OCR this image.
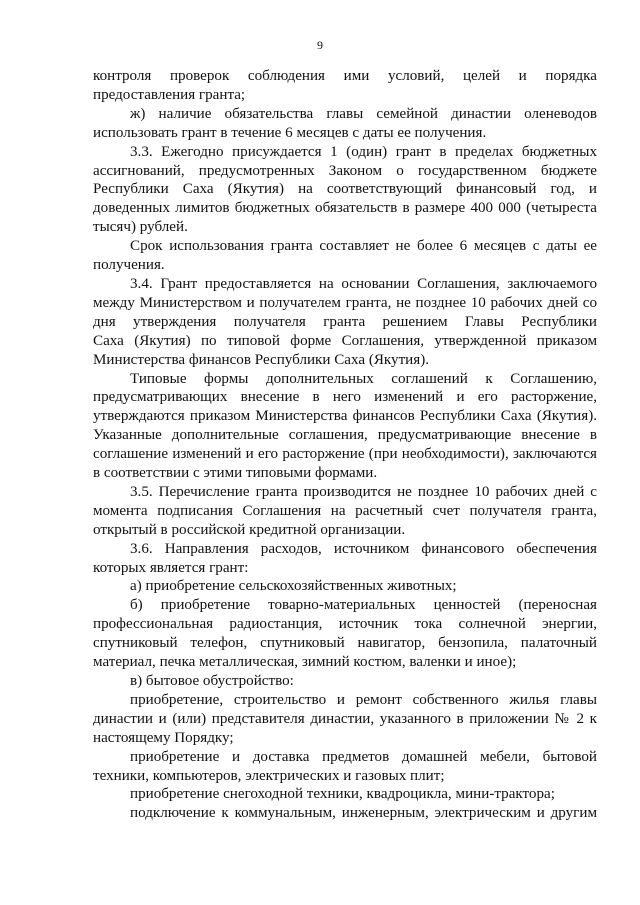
9

контроля проверок соблюдения ими условий, целей и порядка

предоставления гранта;

ж) наличие обязательства главы семейной династии оленеводов

использовать грант в течение 6 месяцев с даты ее получения.

3.3. Ежегодно присуждается 1 (один) грант в пределах бюджетных

ассигнований, предусмотренных Законом о государственном бюджете

Республики Саха (Якутия) на соответствующий финансовый год, и

доведенных лимитов бюджетных обязательств в размере 400 000 (четыреста

тысяч) рублей.

Срок использования гранта составляет не более 6 месяцев с даты ее

получения.

3.4. Грант предоставляется на основании Соглашения, заключаемого

между Министерством и получателем гранта, не позднее 10 рабочих дней со

дня утверждения получателя гранта решением Главы Республики

Саха (Якутия) по типовой форме Соглашения, утвержденной приказом

Министерства финансов Республики Саха (Якутия).

Типовые формы дополнительных соглашений к Соглашению,

предусматривающих внесение в него изменений и его расторжение,

утверждаются приказом Министерства финансов Республики Саха (Якутия).

Указанные дополнительные соглашения, предусматривающие внесение в

соглашение изменений и его расторжение (при необходимости), заключаются

в соответствии с этими типовыми формами.

3.5. Перечисление гранта производится не позднее 10 рабочих дней с

момента подписания Соглашения на расчетный счет получателя гранта,

открытый в российской кредитной организации.

3.6. Направления расходов, источником финансового обеспечения

которых является грант:

а) приобретение сельскохозяйственных животных;

б) приобретение товарно-материальных ценностей (переносная

профессиональная радиостанция, источник тока солнечной энергии,

спутниковый телефон, спутниковый навигатор, бензопила, палаточный

материал, печка металлическая, зимний костюм, валенки и иное);

в) бытовое обустройство:

приобретение, строительство и ремонт собственного жилья главы

династии и (или) представителя династии, указанного в приложении № 2 к

настоящему Порядку;

приобретение и доставка предметов домашней мебели, бытовой

техники, компьютеров, электрических и газовых плит;

приобретение снегоходной техники, квадроцикла, мини-трактора;

подключение к коммунальным, инженерным, электрическим и другим
